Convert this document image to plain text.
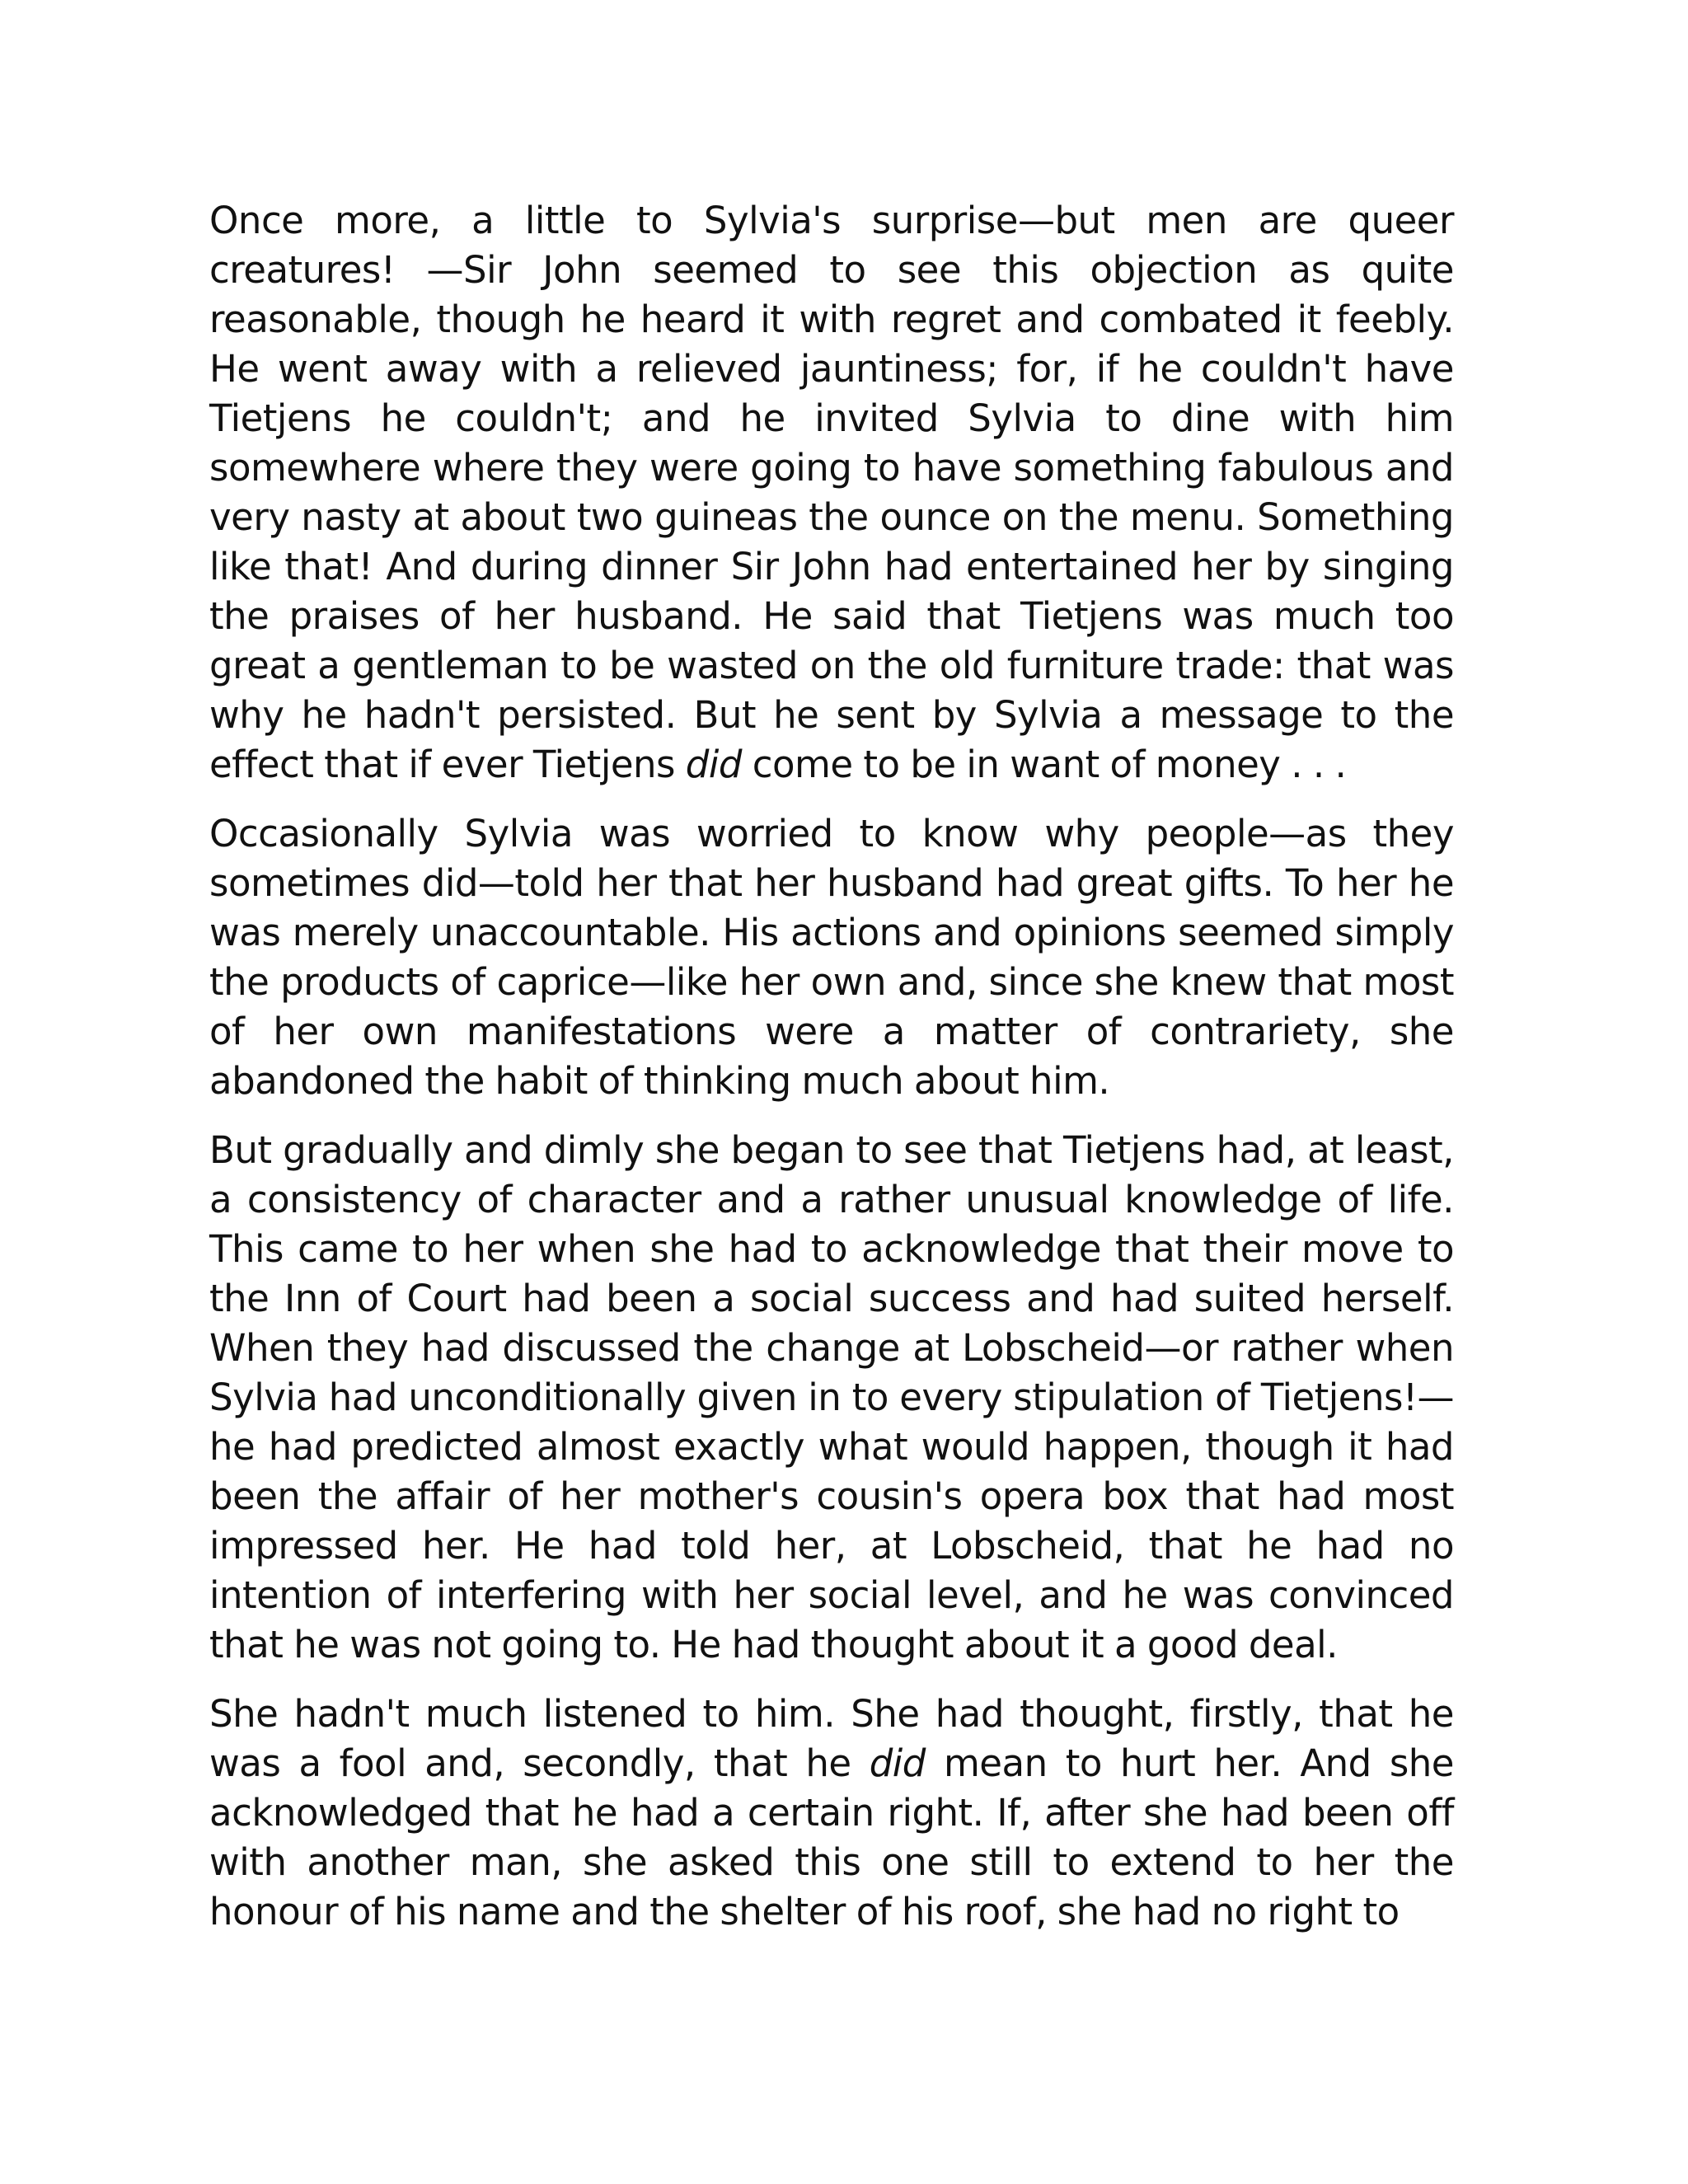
Once more, a little to Sylvia's surprise—but men are queer creatures! —Sir John seemed to see this objection as quite reasonable, though he heard it with regret and combated it feebly. He went away with a relieved jauntiness; for, if he couldn't have Tietjens he couldn't; and he invited Sylvia to dine with him somewhere where they were going to have something fabulous and very nasty at about two guineas the ounce on the menu. Something like that! And during dinner Sir John had entertained her by singing the praises of her husband. He said that Tietjens was much too great a gentleman to be wasted on the old furniture trade: that was why he hadn't persisted. But he sent by Sylvia a message to the effect that if ever Tietjens did come to be in want of money . . .

Occasionally Sylvia was worried to know why people—as they sometimes did—told her that her husband had great gifts. To her he was merely unaccountable. His actions and opinions seemed simply the products of caprice—like her own and, since she knew that most of her own manifestations were a matter of contrariety, she abandoned the habit of thinking much about him.

But gradually and dimly she began to see that Tietjens had, at least, a consistency of character and a rather unusual knowledge of life. This came to her when she had to acknowledge that their move to the Inn of Court had been a social success and had suited herself. When they had discussed the change at Lobscheid—or rather when Sylvia had unconditionally given in to every stipulation of Tietjens!— he had predicted almost exactly what would happen, though it had been the affair of her mother's cousin's opera box that had most impressed her. He had told her, at Lobscheid, that he had no intention of interfering with her social level, and he was convinced that he was not going to. He had thought about it a good deal.

She hadn't much listened to him. She had thought, firstly, that he was a fool and, secondly, that he did mean to hurt her. And she acknowledged that he had a certain right. If, after she had been off with another man, she asked this one still to extend to her the honour of his name and the shelter of his roof, she had no right to
